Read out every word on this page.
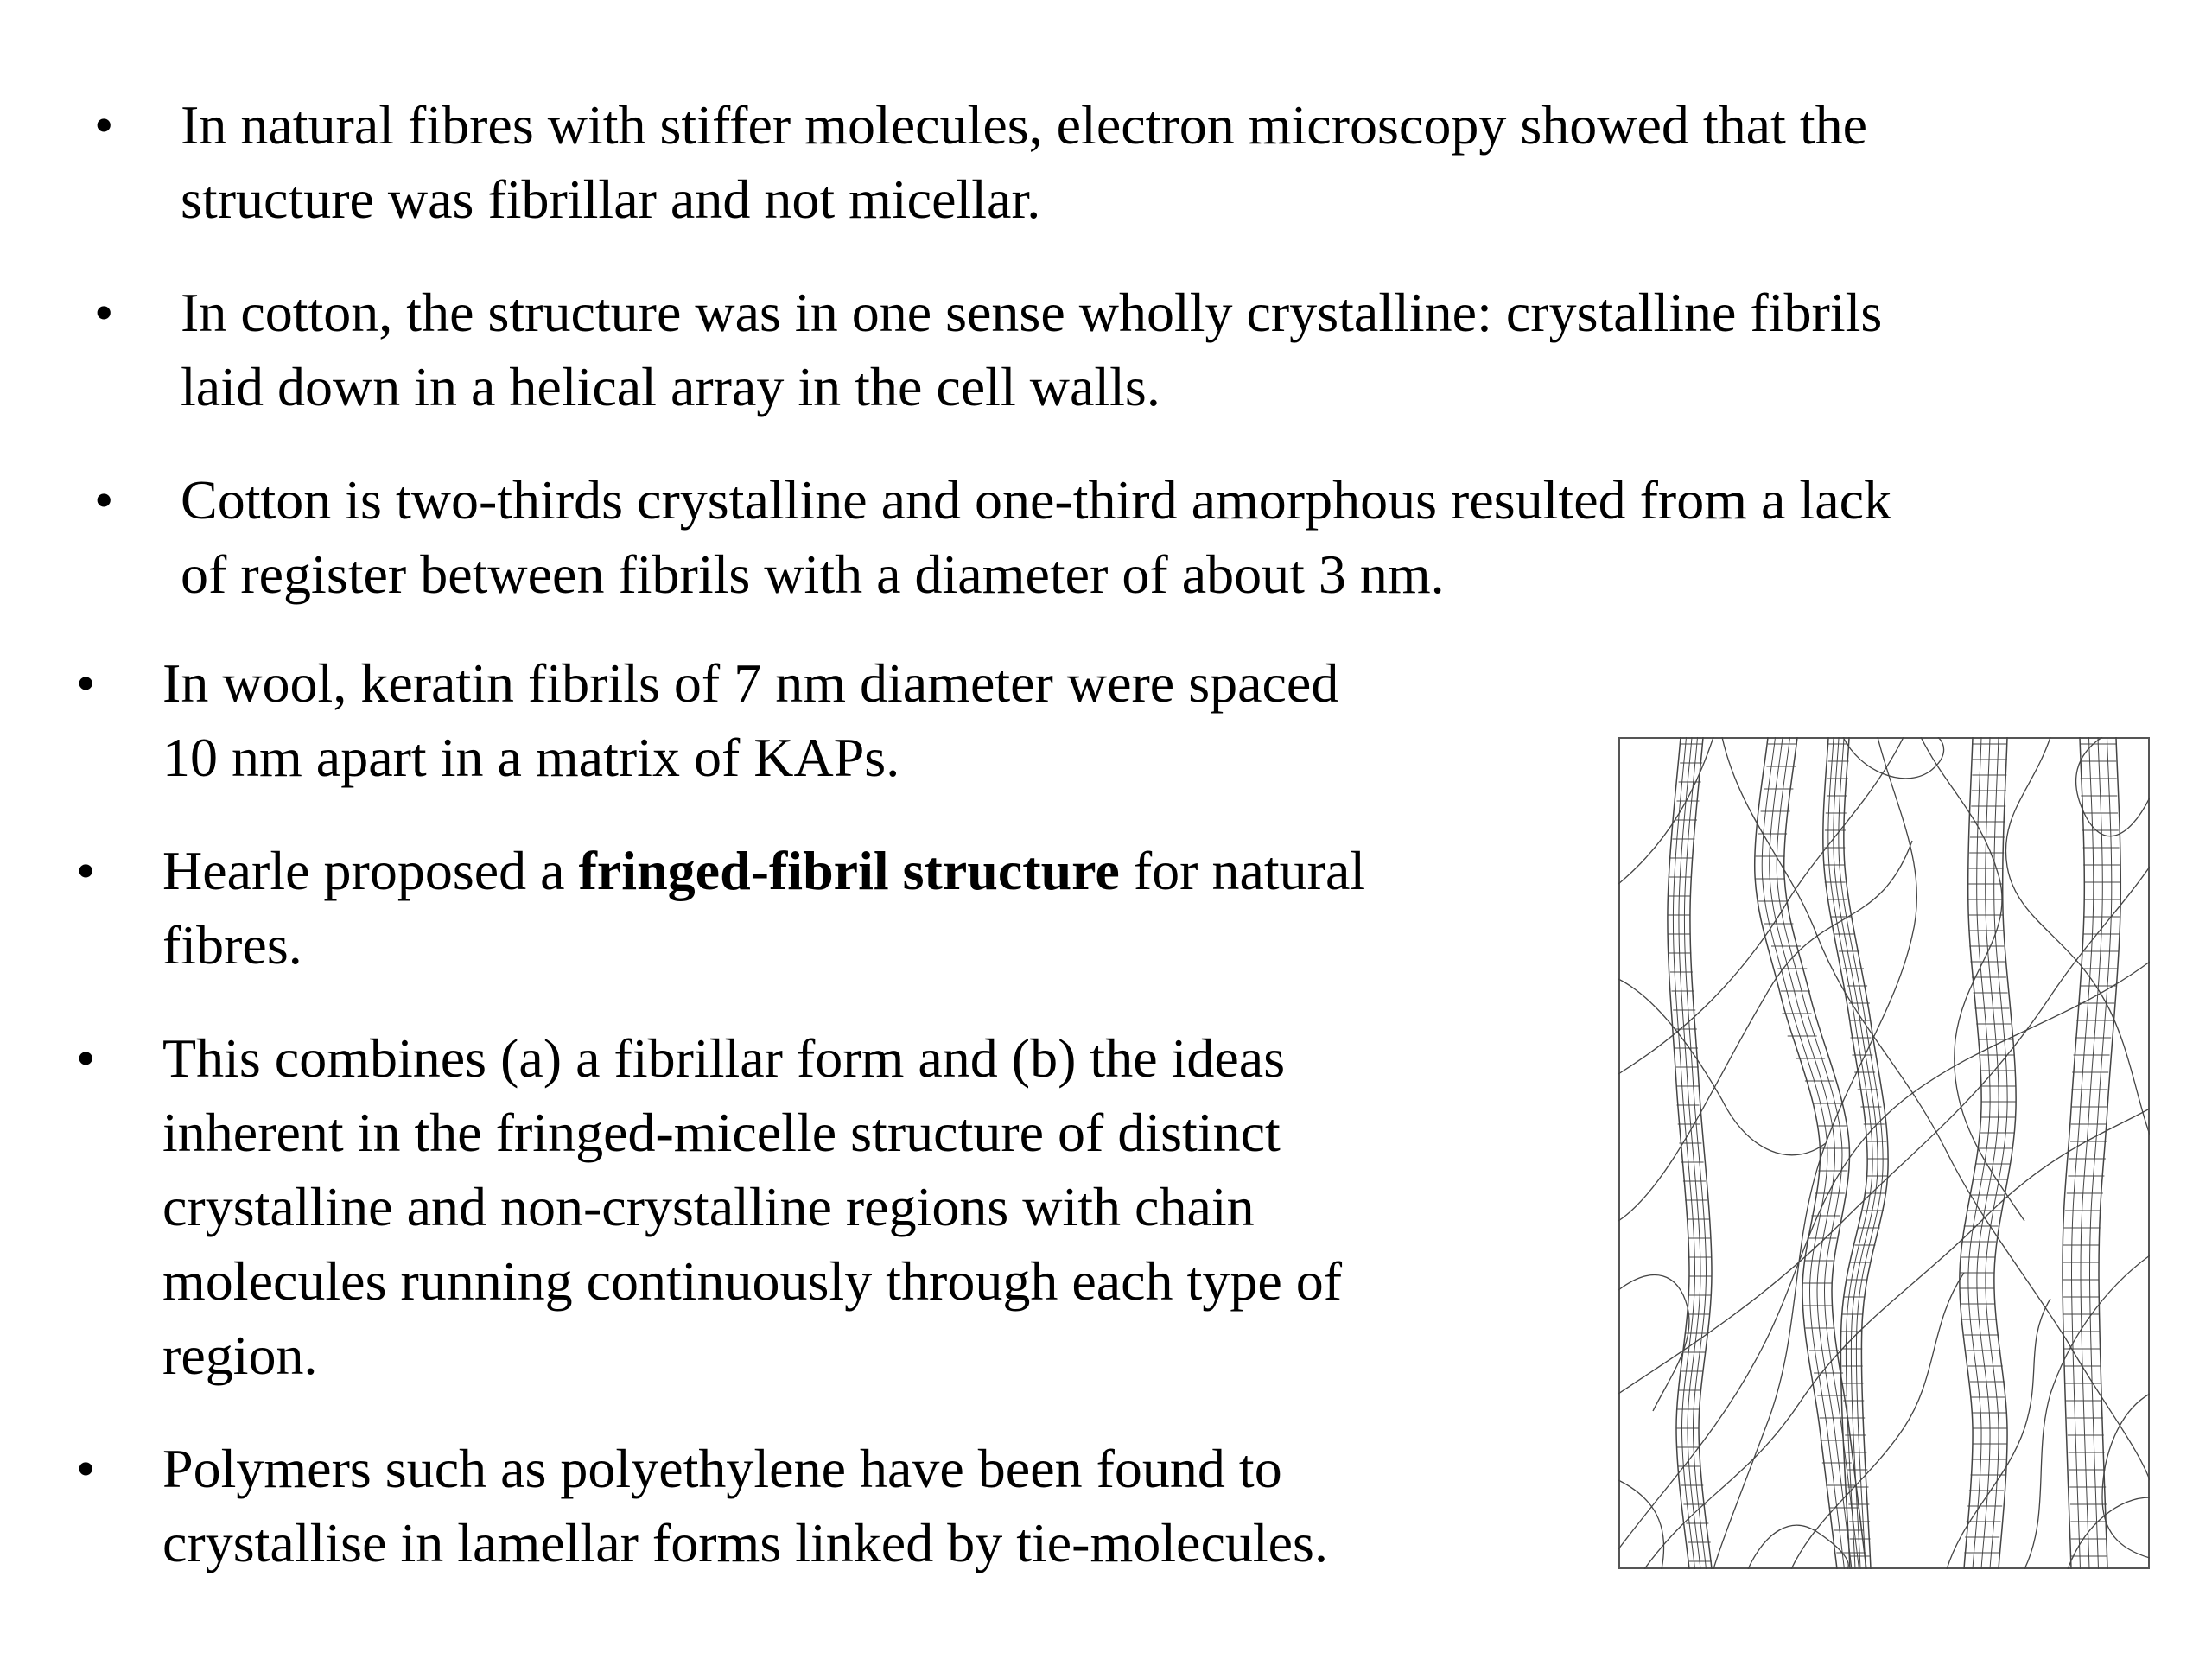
• In natural fibres with stiffer molecules, electron microscopy showed that the
structure was fibrillar and not micellar.
• In cotton, the structure was in one sense wholly crystalline: crystalline fibrils
laid down in a helical array in the cell walls.
• Cotton is two-thirds crystalline and one-third amorphous resulted from a lack
of register between fibrils with a diameter of about 3 nm.
• In wool, keratin fibrils of 7 nm diameter were spaced
10 nm apart in a matrix of KAPs.
• Hearle proposed a fringed-fibril structure for natural
fibres.
• This combines (a) a fibrillar form and (b) the ideas
inherent in the fringed-micelle structure of distinct
crystalline and non-crystalline regions with chain
molecules running continuously through each type of
region.
• Polymers such as polyethylene have been found to
crystallise in lamellar forms linked by tie-molecules.
